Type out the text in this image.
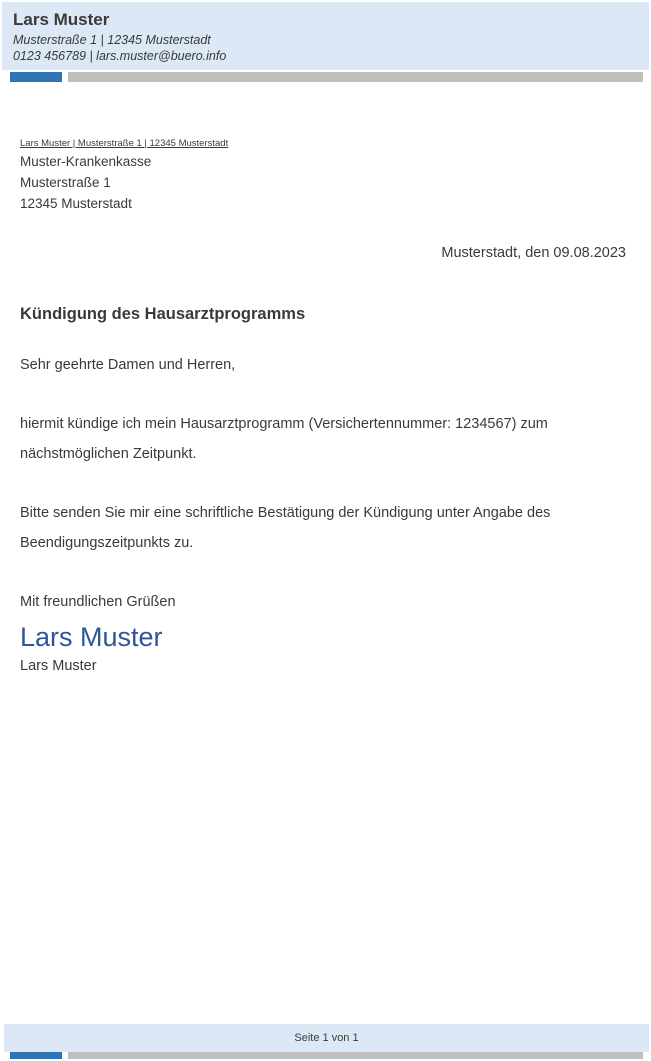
Lars Muster
Musterstraße 1 | 12345 Musterstadt
0123 456789 | lars.muster@buero.info
Lars Muster | Musterstraße 1 | 12345 Musterstadt
Muster-Krankenkasse
Musterstraße 1
12345 Musterstadt
Musterstadt, den 09.08.2023
Kündigung des Hausarztprogramms
Sehr geehrte Damen und Herren,
hiermit kündige ich mein Hausarztprogramm (Versichertennummer: 1234567) zum nächstmöglichen Zeitpunkt.
Bitte senden Sie mir eine schriftliche Bestätigung der Kündigung unter Angabe des Beendigungszeitpunkts zu.
Mit freundlichen Grüßen
Lars Muster
Lars Muster
Seite 1 von 1
